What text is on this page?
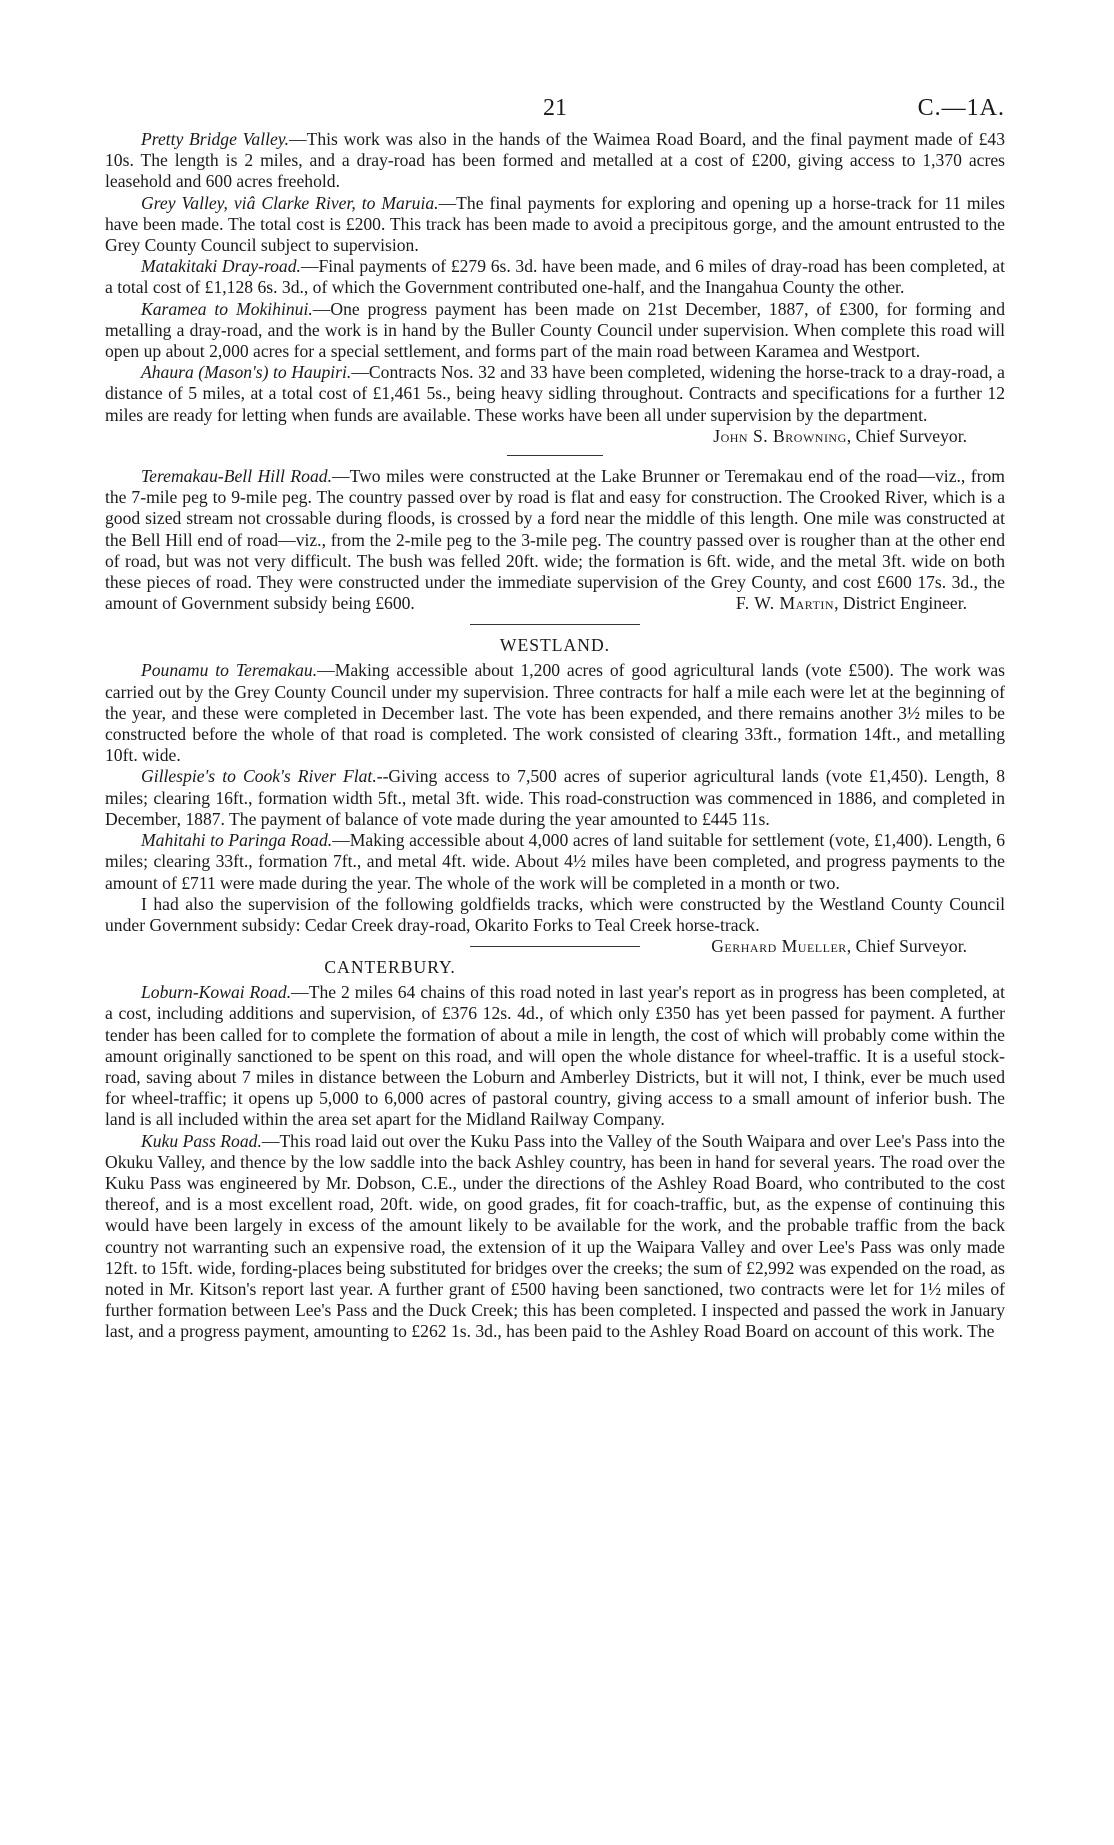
21	C.—1A.

Pretty Bridge Valley.—This work was also in the hands of the Waimea Road Board, and the final payment made of £43 10s. The length is 2 miles, and a dray-road has been formed and metalled at a cost of £200, giving access to 1,370 acres leasehold and 600 acres freehold.

Grey Valley, viâ Clarke River, to Maruia.—The final payments for exploring and opening up a horse-track for 11 miles have been made. The total cost is £200. This track has been made to avoid a precipitous gorge, and the amount entrusted to the Grey County Council subject to supervision.

Matakitaki Dray-road.—Final payments of £279 6s. 3d. have been made, and 6 miles of dray-road has been completed, at a total cost of £1,128 6s. 3d., of which the Government contributed one-half, and the Inangahua County the other.

Karamea to Mokihinui.—One progress payment has been made on 21st December, 1887, of £300, for forming and metalling a dray-road, and the work is in hand by the Buller County Council under supervision. When complete this road will open up about 2,000 acres for a special settlement, and forms part of the main road between Karamea and Westport.

Ahaura (Mason's) to Haupiri.—Contracts Nos. 32 and 33 have been completed, widening the horse-track to a dray-road, a distance of 5 miles, at a total cost of £1,461 5s., being heavy sidling throughout. Contracts and specifications for a further 12 miles are ready for letting when funds are available. These works have been all under supervision by the department.

John S. Browning, Chief Surveyor.

Teremakau-Bell Hill Road.—Two miles were constructed at the Lake Brunner or Teremakau end of the road—viz., from the 7-mile peg to 9-mile peg. The country passed over by road is flat and easy for construction. The Crooked River, which is a good sized stream not crossable during floods, is crossed by a ford near the middle of this length. One mile was constructed at the Bell Hill end of road—viz., from the 2-mile peg to the 3-mile peg. The country passed over is rougher than at the other end of road, but was not very difficult. The bush was felled 20ft. wide; the formation is 6ft. wide, and the metal 3ft. wide on both these pieces of road. They were constructed under the immediate supervision of the Grey County, and cost £600 17s. 3d., the amount of Government subsidy being £600.	F. W. Martin, District Engineer.

WESTLAND.

Pounamu to Teremakau.—Making accessible about 1,200 acres of good agricultural lands (vote £500). The work was carried out by the Grey County Council under my supervision. Three contracts for half a mile each were let at the beginning of the year, and these were completed in December last. The vote has been expended, and there remains another 3½ miles to be constructed before the whole of that road is completed. The work consisted of clearing 33ft., formation 14ft., and metalling 10ft. wide.

Gillespie's to Cook's River Flat.--Giving access to 7,500 acres of superior agricultural lands (vote £1,450). Length, 8 miles; clearing 16ft., formation width 5ft., metal 3ft. wide. This road-construction was commenced in 1886, and completed in December, 1887. The payment of balance of vote made during the year amounted to £445 11s.

Mahitahi to Paringa Road.—Making accessible about 4,000 acres of land suitable for settlement (vote, £1,400). Length, 6 miles; clearing 33ft., formation 7ft., and metal 4ft. wide. About 4½ miles have been completed, and progress payments to the amount of £711 were made during the year. The whole of the work will be completed in a month or two.

I had also the supervision of the following goldfields tracks, which were constructed by the Westland County Council under Government subsidy: Cedar Creek dray-road, Okarito Forks to Teal Creek horse-track.
Gerhard Mueller, Chief Surveyor.

CANTERBURY.

Loburn-Kowai Road.—The 2 miles 64 chains of this road noted in last year's report as in progress has been completed, at a cost, including additions and supervision, of £376 12s. 4d., of which only £350 has yet been passed for payment. A further tender has been called for to complete the formation of about a mile in length, the cost of which will probably come within the amount originally sanctioned to be spent on this road, and will open the whole distance for wheel-traffic. It is a useful stock-road, saving about 7 miles in distance between the Loburn and Amberley Districts, but it will not, I think, ever be much used for wheel-traffic; it opens up 5,000 to 6,000 acres of pastoral country, giving access to a small amount of inferior bush. The land is all included within the area set apart for the Midland Railway Company.

Kuku Pass Road.—This road laid out over the Kuku Pass into the Valley of the South Waipara and over Lee's Pass into the Okuku Valley, and thence by the low saddle into the back Ashley country, has been in hand for several years. The road over the Kuku Pass was engineered by Mr. Dobson, C.E., under the directions of the Ashley Road Board, who contributed to the cost thereof, and is a most excellent road, 20ft. wide, on good grades, fit for coach-traffic, but, as the expense of continuing this would have been largely in excess of the amount likely to be available for the work, and the probable traffic from the back country not warranting such an expensive road, the extension of it up the Waipara Valley and over Lee's Pass was only made 12ft. to 15ft. wide, fording-places being substituted for bridges over the creeks; the sum of £2,992 was expended on the road, as noted in Mr. Kitson's report last year. A further grant of £500 having been sanctioned, two contracts were let for 1½ miles of further formation between Lee's Pass and the Duck Creek; this has been completed. I inspected and passed the work in January last, and a progress payment, amounting to £262 1s. 3d., has been paid to the Ashley Road Board on account of this work. The
